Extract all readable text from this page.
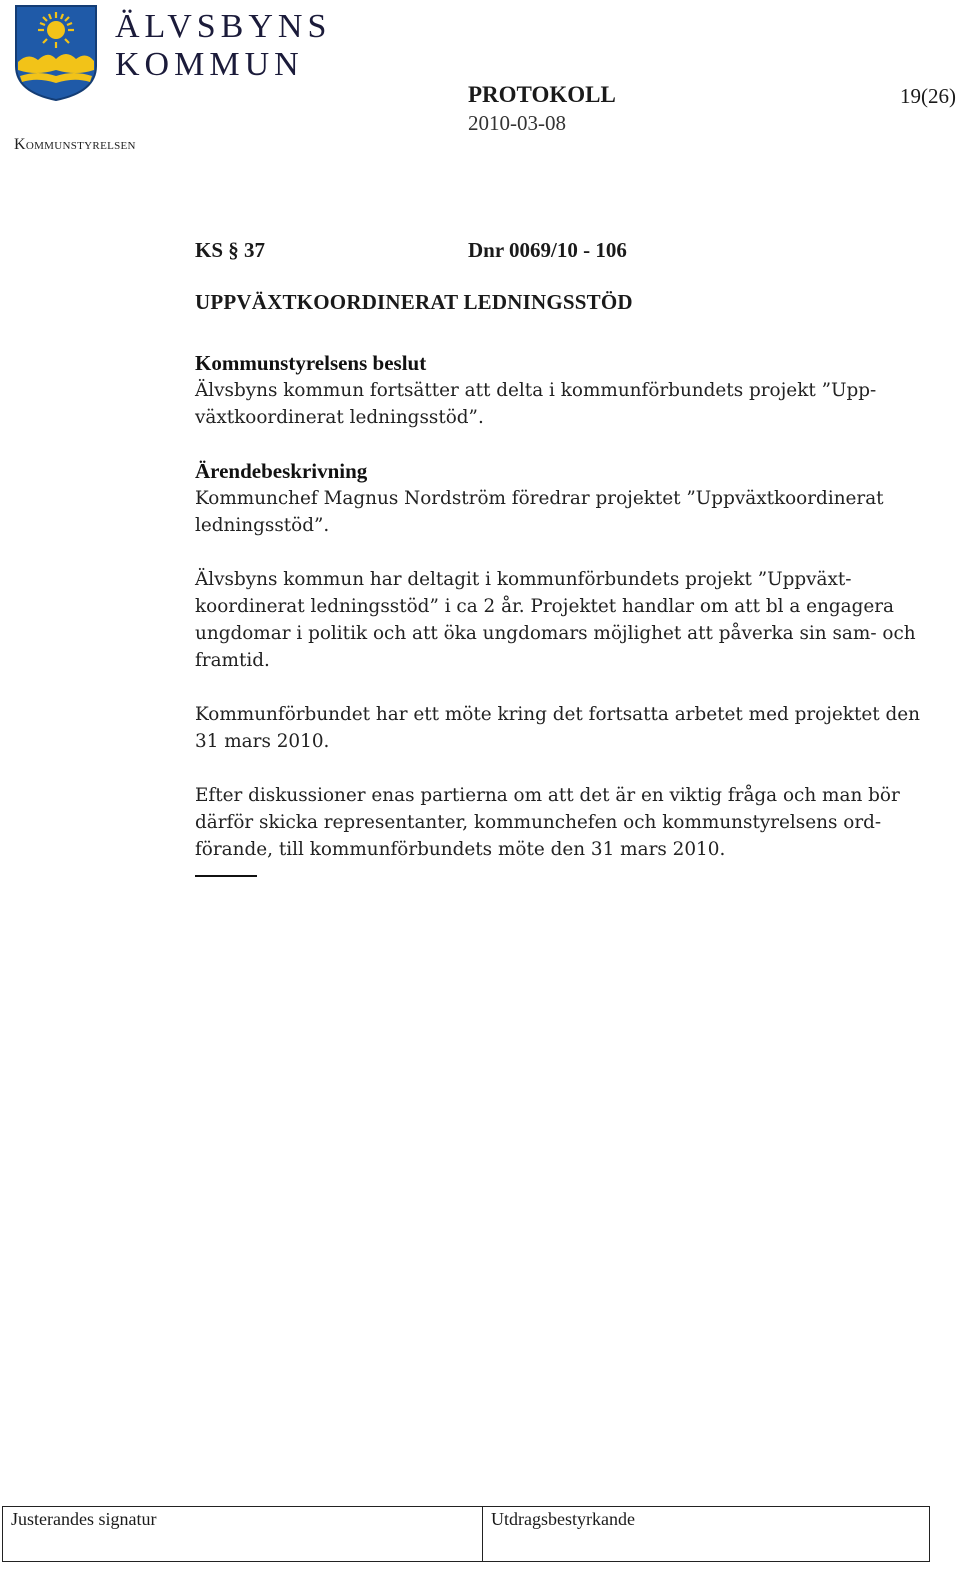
ÄLVSBYNS
KOMMUN
Kommunstyrelsen
PROTOKOLL
2010-03-08
19(26)
KS § 37	Dnr 0069/10 - 106
UPPVÄXTKOORDINERAT LEDNINGSSTÖD
Kommunstyrelsens beslut

Älvsbyns kommun fortsätter att delta i kommunförbundets projekt ”Upp-
växtkoordinerat ledningsstöd”.

Ärendebeskrivning

Kommunchef Magnus Nordström föredrar projektet ”Uppväxtkoordinerat
ledningsstöd”.

Älvsbyns kommun har deltagit i kommunförbundets projekt ”Uppväxt-
koordinerat ledningsstöd” i ca 2 år. Projektet handlar om att bl a engagera
ungdomar i politik och att öka ungdomars möjlighet att påverka sin sam- och
framtid.

Kommunförbundet har ett möte kring det fortsatta arbetet med projektet den
31 mars 2010.

Efter diskussioner enas partierna om att det är en viktig fråga och man bör
därför skicka representanter, kommunchefen och kommunstyrelsens ord-
förande, till kommunförbundets möte den 31 mars 2010.

Justerandes signatur	Utdragsbestyrkande
